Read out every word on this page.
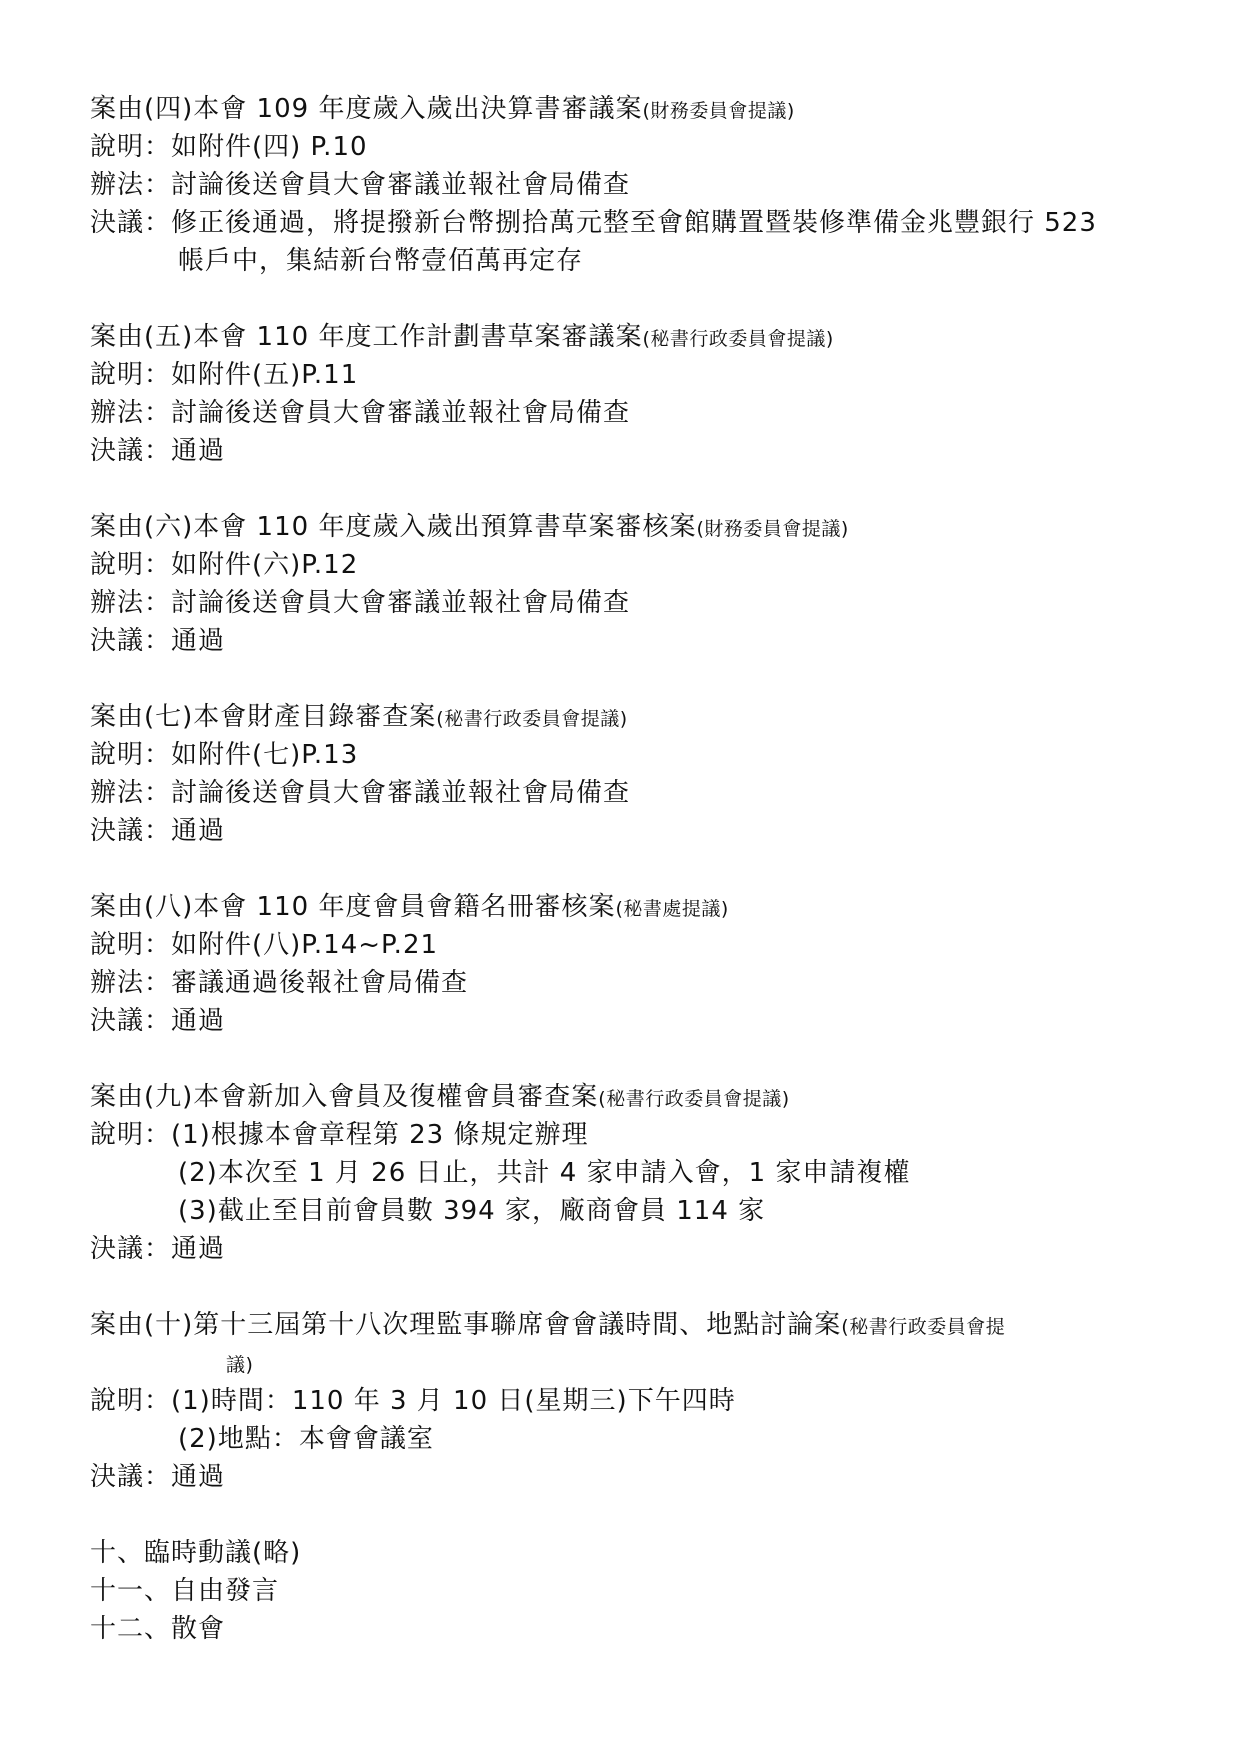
案由(四)本會 109 年度歲入歲出決算書審議案(財務委員會提議)
說明：如附件(四) P.10
辦法：討論後送會員大會審議並報社會局備查
決議：修正後通過，將提撥新台幣捌拾萬元整至會館購置暨裝修準備金兆豐銀行 523
帳戶中，集結新台幣壹佰萬再定存
案由(五)本會 110 年度工作計劃書草案審議案(秘書行政委員會提議)
說明：如附件(五)P.11
辦法：討論後送會員大會審議並報社會局備查
決議：通過
案由(六)本會 110 年度歲入歲出預算書草案審核案(財務委員會提議)
說明：如附件(六)P.12
辦法：討論後送會員大會審議並報社會局備查
決議：通過
案由(七)本會財產目錄審查案(秘書行政委員會提議)
說明：如附件(七)P.13
辦法：討論後送會員大會審議並報社會局備查
決議：通過
案由(八)本會 110 年度會員會籍名冊審核案(秘書處提議)
說明：如附件(八)P.14~P.21
辦法：審議通過後報社會局備查
決議：通過
案由(九)本會新加入會員及復權會員審查案(秘書行政委員會提議)
說明：(1)根據本會章程第 23 條規定辦理
(2)本次至 1 月 26 日止，共計 4 家申請入會，1 家申請複權
(3)截止至目前會員數 394 家，廠商會員 114 家
決議：通過
案由(十)第十三屆第十八次理監事聯席會會議時間、地點討論案(秘書行政委員會提
議)
說明：(1)時間：110 年 3 月 10 日(星期三)下午四時
(2)地點：本會會議室
決議：通過
十、臨時動議(略)
十一、自由發言
十二、散會
